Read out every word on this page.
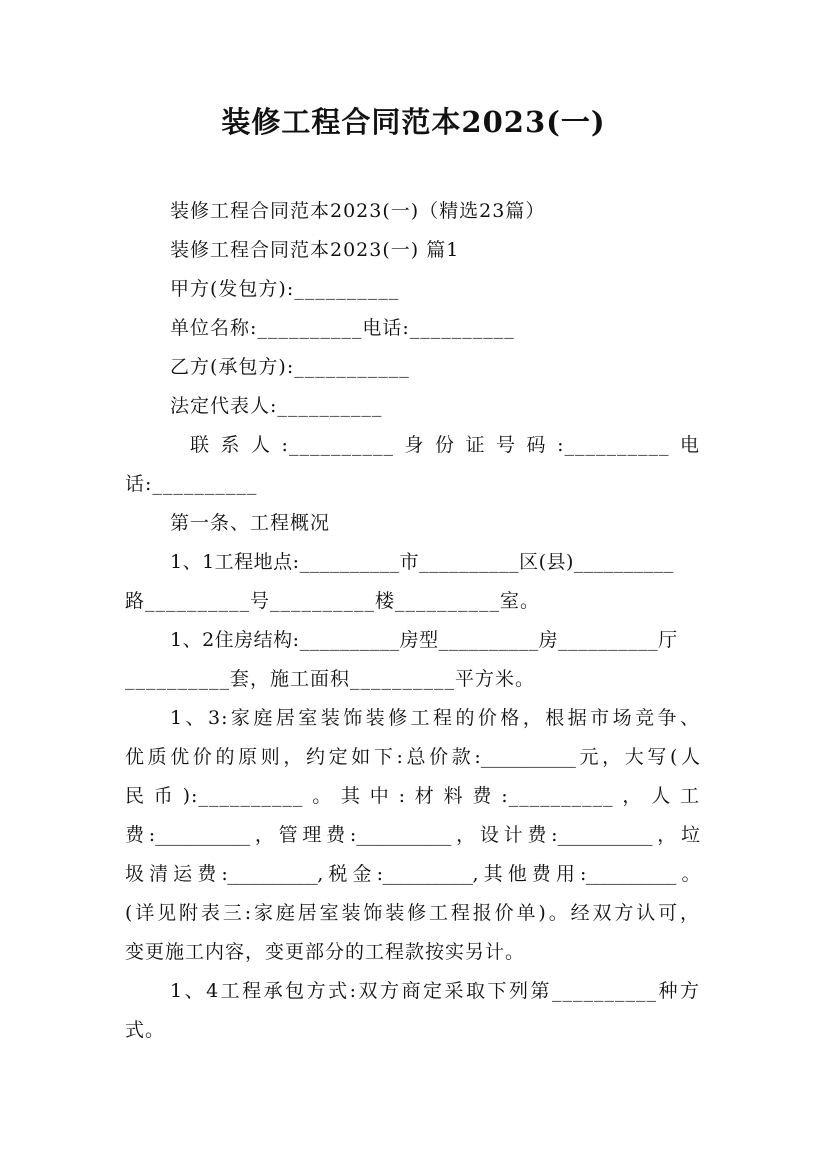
装修工程合同范本2023(一)
装修工程合同范本2023(一)（精选23篇）
装修工程合同范本2023(一) 篇1
甲方(发包方):__________
单位名称:__________电话:__________
乙方(承包方):___________
法定代表人:__________
联系人:__________身份证号码:__________电
话:__________
第一条、工程概况
1、1工程地点:__________市__________区(县)__________
路__________号__________楼__________室。
1、2住房结构:__________房型__________房__________厅
__________套，施工面积__________平方米。
1、3:家庭居室装饰装修工程的价格，根据市场竞争、
优质优价的原则，约定如下:总价款:__________元，大写(人
民币):__________。其中:材料费:__________，人工
费:__________，管理费:__________，设计费:__________，垃
圾清运费:__________,税金:__________,其他费用:__________。
(详见附表三:家庭居室装饰装修工程报价单)。经双方认可，
变更施工内容，变更部分的工程款按实另计。
1、4工程承包方式:双方商定采取下列第__________种方
式。
